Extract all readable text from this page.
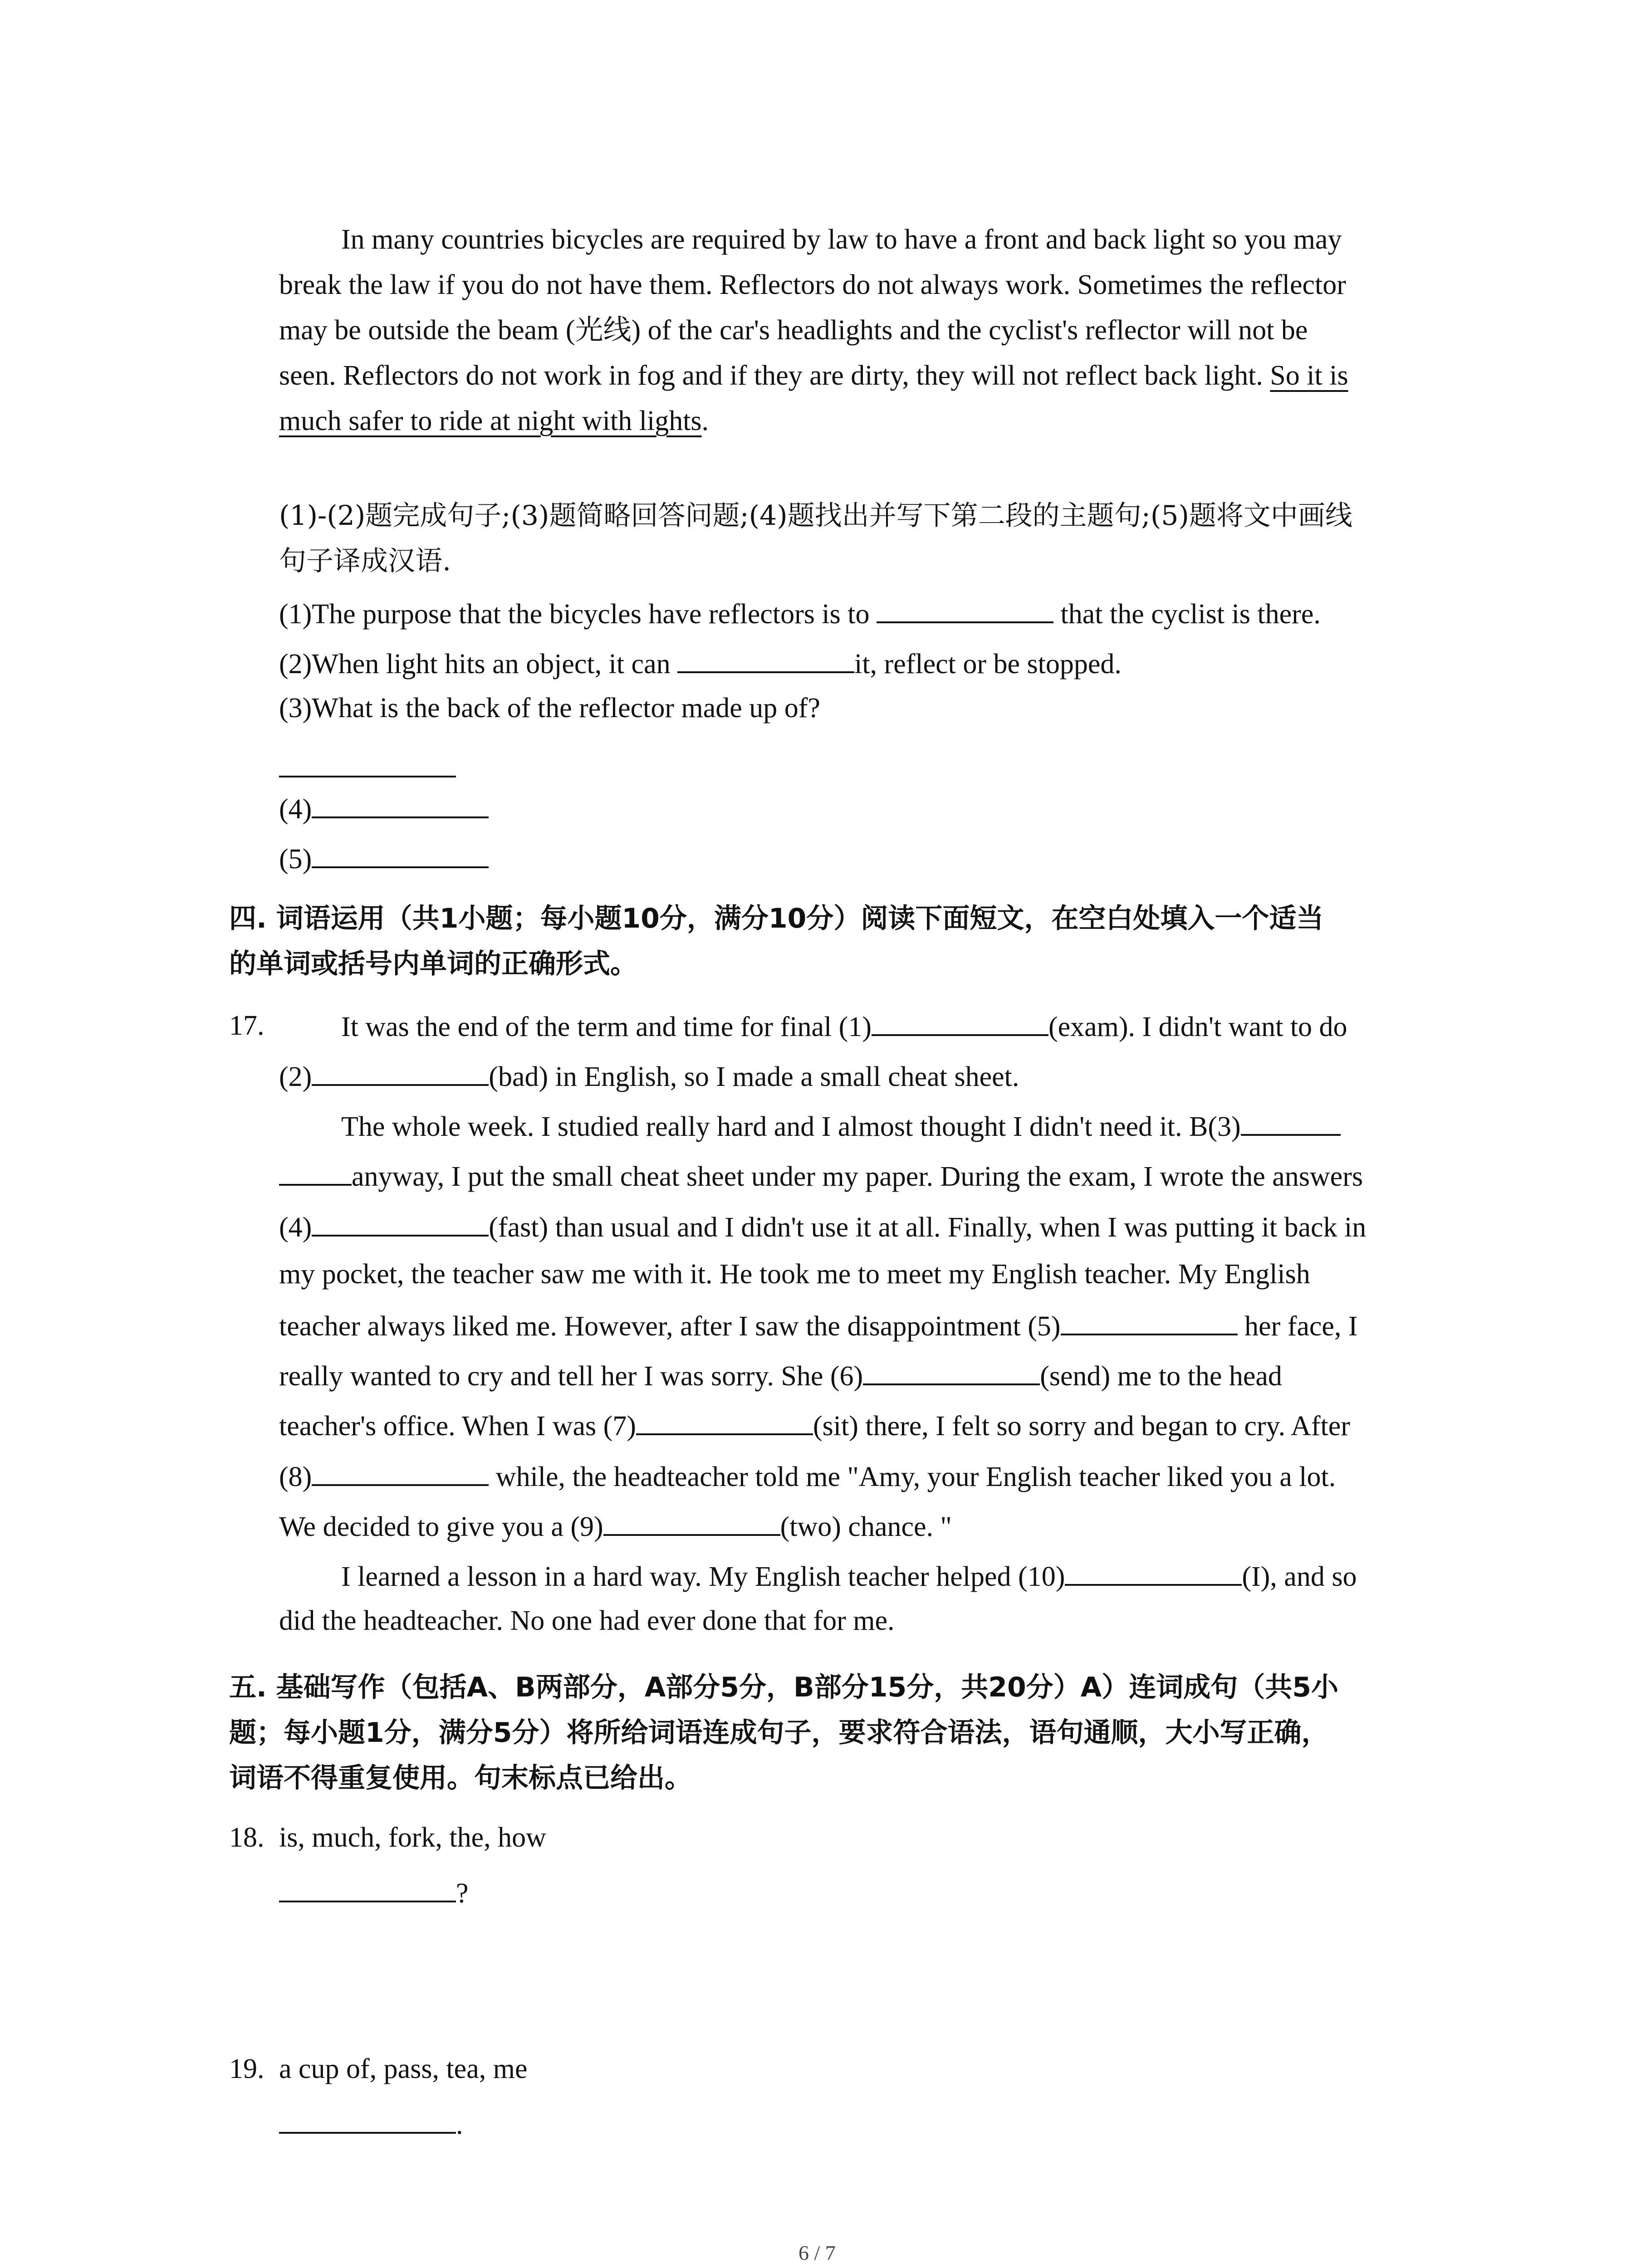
In many countries bicycles are required by law to have a front and back light so you may
break the law if you do not have them. Reflectors do not always work. Sometimes the reflector
may be outside the beam (光线) of the car's headlights and the cyclist's reflector will not be
seen. Reflectors do not work in fog and if they are dirty, they will not reflect back light. So it is
much safer to ride at night with lights.
(1)-(2)题完成句子;(3)题简略回答问题;(4)题找出并写下第二段的主题句;(5)题将文中画线
句子译成汉语.
(1)The purpose that the bicycles have reflectors is to	that the cyclist is there.
(2)When light hits an object, it can	it, reflect or be stopped.
(3)What is the back of the reflector made up of?
(4)
(5)
四. 词语运用（共1小题；每小题10分，满分10分）阅读下面短文，在空白处填入一个适当
的单词或括号内单词的正确形式。
17.	It was the end of the term and time for final (1)	(exam). I didn't want to do
(2)	(bad) in English, so I made a small cheat sheet.
The whole week. I studied really hard and I almost thought I didn't need it. B(3)
anyway, I put the small cheat sheet under my paper. During the exam, I wrote the answers
(4)	(fast) than usual and I didn't use it at all. Finally, when I was putting it back in
my pocket, the teacher saw me with it. He took me to meet my English teacher. My English
teacher always liked me. However, after I saw the disappointment (5)	her face, I
really wanted to cry and tell her I was sorry. She (6)	(send) me to the head
teacher's office. When I was (7)	(sit) there, I felt so sorry and began to cry. After
(8)	while, the headteacher told me "Amy, your English teacher liked you a lot.
We decided to give you a (9)	(two) chance. "
I learned a lesson in a hard way. My English teacher helped (10)	(I), and so
did the headteacher. No one had ever done that for me.
五. 基础写作（包括A、B两部分，A部分5分，B部分15分，共20分）A）连词成句（共5小
题；每小题1分，满分5分）将所给词语连成句子，要求符合语法，语句通顺，大小写正确，
词语不得重复使用。句末标点已给出。
18. is, much, fork, the, how
?
19. a cup of, pass, tea, me
.
6 / 7
